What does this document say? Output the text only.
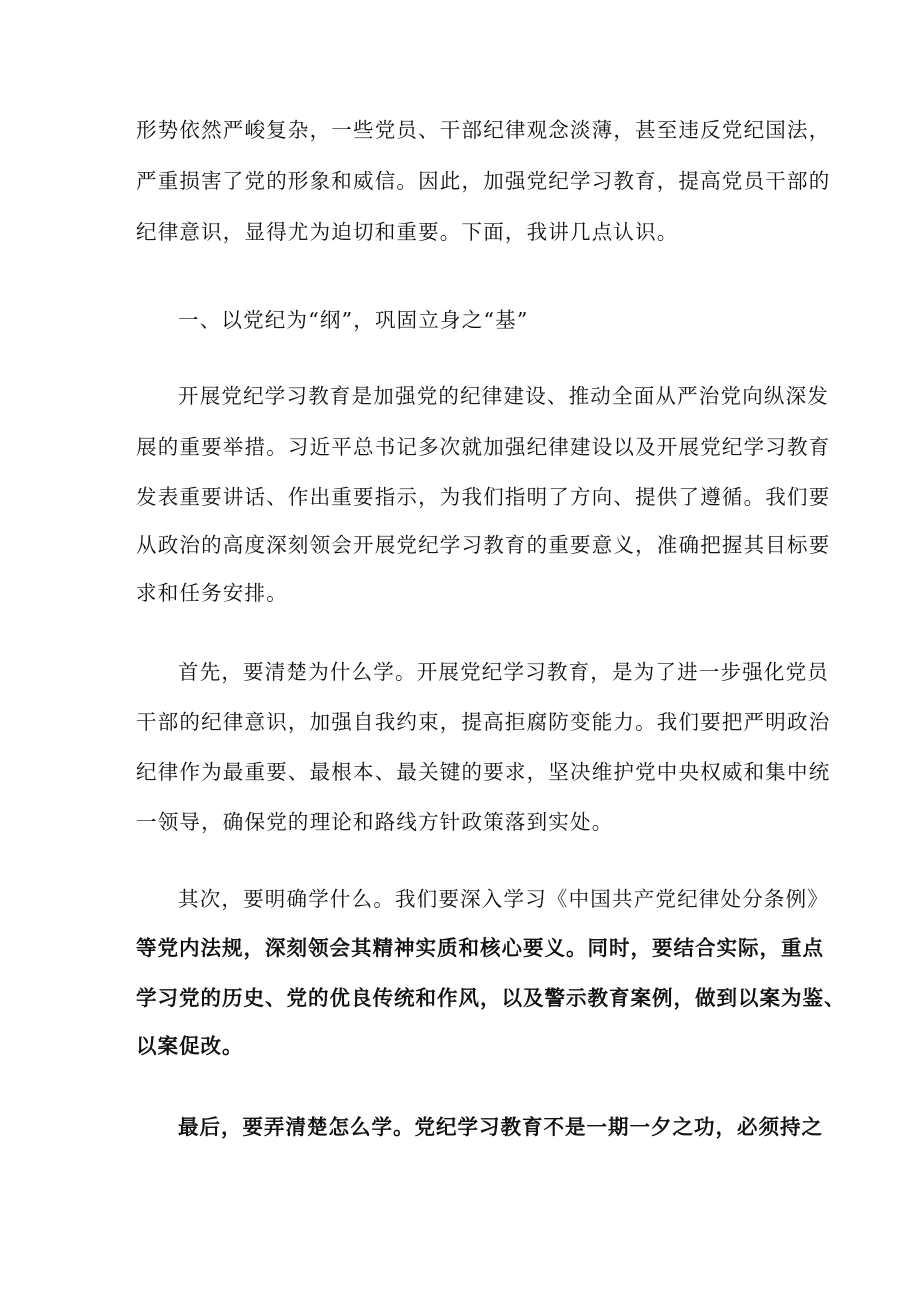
形势依然严峻复杂，一些党员、干部纪律观念淡薄，甚至违反党纪国法，
严重损害了党的形象和威信。因此，加强党纪学习教育，提高党员干部的
纪律意识，显得尤为迫切和重要。下面，我讲几点认识。
一、以党纪为“纲”，巩固立身之“基”
开展党纪学习教育是加强党的纪律建设、推动全面从严治党向纵深发
展的重要举措。习近平总书记多次就加强纪律建设以及开展党纪学习教育
发表重要讲话、作出重要指示，为我们指明了方向、提供了遵循。我们要
从政治的高度深刻领会开展党纪学习教育的重要意义，准确把握其目标要
求和任务安排。
首先，要清楚为什么学。开展党纪学习教育，是为了进一步强化党员
干部的纪律意识，加强自我约束，提高拒腐防变能力。我们要把严明政治
纪律作为最重要、最根本、最关键的要求，坚决维护党中央权威和集中统
一领导，确保党的理论和路线方针政策落到实处。
其次，要明确学什么。我们要深入学习《中国共产党纪律处分条例》
等党内法规，深刻领会其精神实质和核心要义。同时，要结合实际，重点
学习党的历史、党的优良传统和作风，以及警示教育案例，做到以案为鉴、
以案促改。
最后，要弄清楚怎么学。党纪学习教育不是一期一夕之功，必须持之
